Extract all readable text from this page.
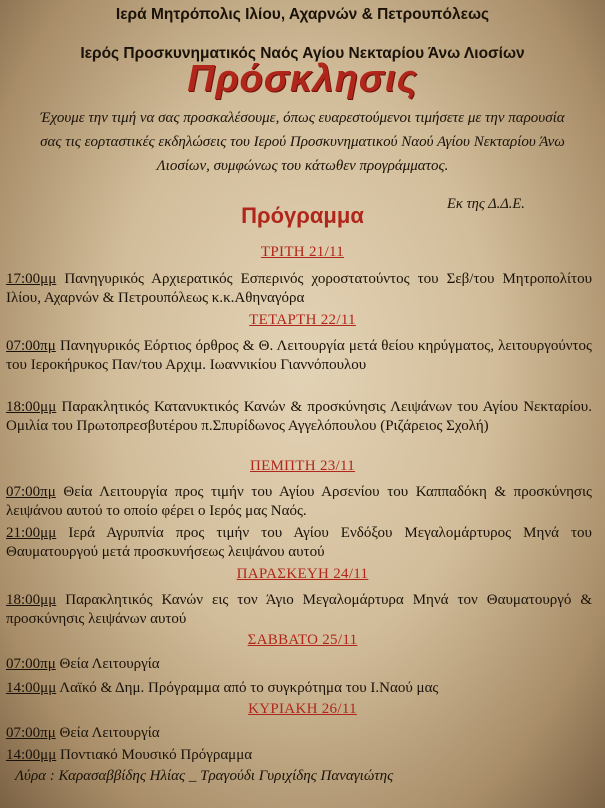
Ιερά Μητρόπολις Ιλίου, Αχαρνών & Πετρουπόλεως
Ιερός Προσκυνηματικός Ναός Αγίου Νεκταρίου Άνω Λιοσίων
Πρόσκλησις
Έχουμε την τιμή να σας προσκαλέσουμε, όπως ευαρεστούμενοι τιμήσετε με την παρουσία σας τις εορταστικές εκδηλώσεις του Ιερού Προσκυνηματικού Ναού Αγίου Νεκταρίου Άνω Λιοσίων, συμφώνως του κάτωθεν προγράμματος.
Πρόγραμμα	Εκ της Δ.Δ.Ε.
ΤΡΙΤΗ 21/11
17:00μμ Πανηγυρικός Αρχιερατικός Εσπερινός χοροστατούντος του Σεβ/του Μητροπολίτου Ιλίου, Αχαρνών & Πετρουπόλεως κ.κ.Αθηναγόρα
ΤΕΤΑΡΤΗ 22/11
07:00πμ Πανηγυρικός Εόρτιος όρθρος & Θ. Λειτουργία μετά θείου κηρύγματος, λειτουργούντος του Ιεροκήρυκος Παν/του Αρχιμ. Ιωαννικίου Γιαννόπουλου
18:00μμ Παρακλητικός Κατανυκτικός Κανών & προσκύνησις Λειψάνων του Αγίου Νεκταρίου. Ομιλία του Πρωτοπρεσβυτέρου π.Σπυρίδωνος Αγγελόπουλου (Ριζάρειος Σχολή)
ΠΕΜΠΤΗ 23/11
07:00πμ Θεία Λειτουργία προς τιμήν του Αγίου Αρσενίου του Καππαδόκη & προσκύνησις λειψάνου αυτού το οποίο φέρει ο Ιερός μας Ναός.
21:00μμ Ιερά Αγρυπνία προς τιμήν του Αγίου Ενδόξου Μεγαλομάρτυρος Μηνά του Θαυματουργού μετά προσκυνήσεως λειψάνου αυτού
ΠΑΡΑΣΚΕΥΗ 24/11
18:00μμ Παρακλητικός Κανών εις τον Άγιο Μεγαλομάρτυρα Μηνά τον Θαυματουργό & προσκύνησις λειψάνων αυτού
ΣΑΒΒΑΤΟ 25/11
07:00πμ Θεία Λειτουργία
14:00μμ Λαϊκό & Δημ. Πρόγραμμα από το συγκρότημα του Ι.Ναού μας
ΚΥΡΙΑΚΗ 26/11
07:00πμ Θεία Λειτουργία
14:00μμ Ποντιακό Μουσικό Πρόγραμμα
Λύρα : Καρασαββίδης Ηλίας _ Τραγούδι Γυριχίδης Παναγιώτης
